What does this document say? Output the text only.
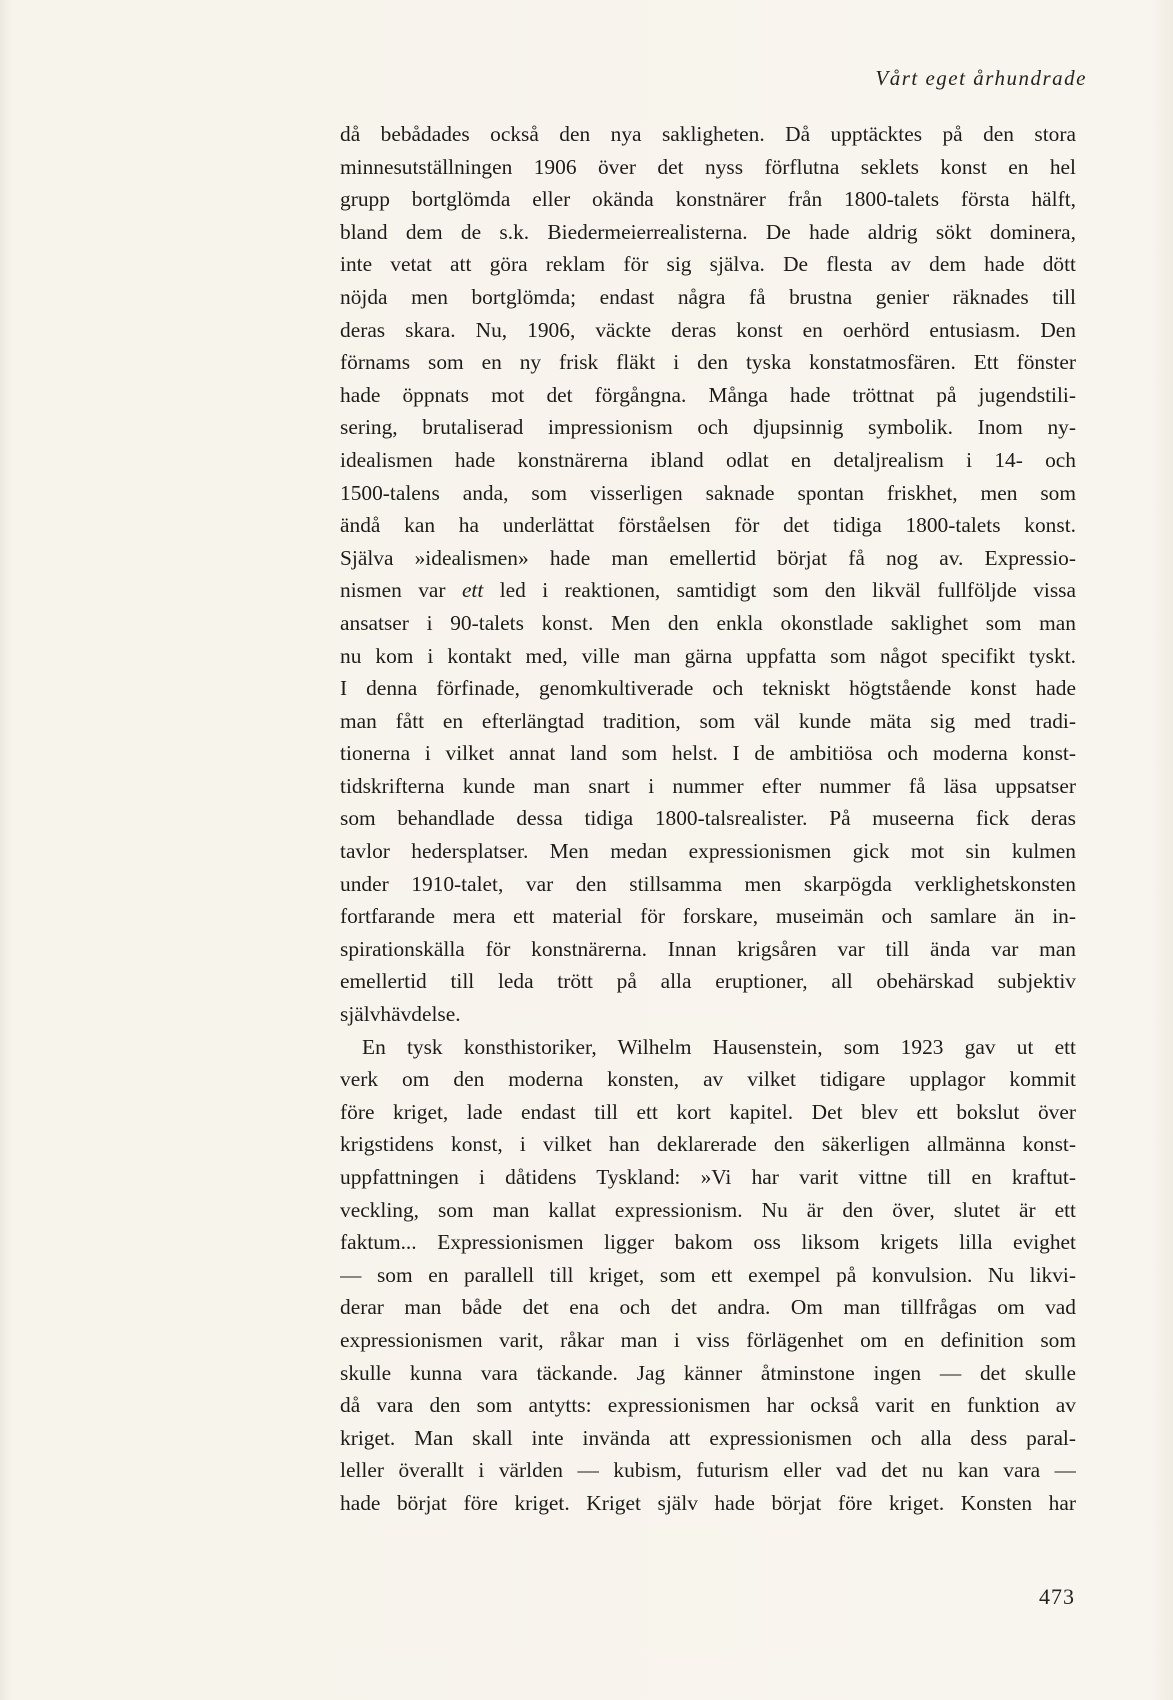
Vårt eget århundrade
då bebådades också den nya sakligheten. Då upptäcktes på den stora
minnesutställningen 1906 över det nyss förflutna seklets konst en hel
grupp bortglömda eller okända konstnärer från 1800-talets första hälft,
bland dem de s.k. Biedermeierrealisterna. De hade aldrig sökt dominera,
inte vetat att göra reklam för sig själva. De flesta av dem hade dött
nöjda men bortglömda; endast några få brustna genier räknades till
deras skara. Nu, 1906, väckte deras konst en oerhörd entusiasm. Den
förnams som en ny frisk fläkt i den tyska konstatmosfären. Ett fönster
hade öppnats mot det förgångna. Många hade tröttnat på jugendstili-
sering, brutaliserad impressionism och djupsinnig symbolik. Inom ny-
idealismen hade konstnärerna ibland odlat en detaljrealism i 14- och
1500-talens anda, som visserligen saknade spontan friskhet, men som
ändå kan ha underlättat förståelsen för det tidiga 1800-talets konst.
Själva »idealismen» hade man emellertid börjat få nog av. Expressio-
nismen var ett led i reaktionen, samtidigt som den likväl fullföljde vissa
ansatser i 90-talets konst. Men den enkla okonstlade saklighet som man
nu kom i kontakt med, ville man gärna uppfatta som något specifikt tyskt.
I denna förfinade, genomkultiverade och tekniskt högtstående konst hade
man fått en efterlängtad tradition, som väl kunde mäta sig med tradi-
tionerna i vilket annat land som helst. I de ambitiösa och moderna konst-
tidskrifterna kunde man snart i nummer efter nummer få läsa uppsatser
som behandlade dessa tidiga 1800-talsrealister. På museerna fick deras
tavlor hedersplatser. Men medan expressionismen gick mot sin kulmen
under 1910-talet, var den stillsamma men skarpögda verklighetskonsten
fortfarande mera ett material för forskare, museimän och samlare än in-
spirationskälla för konstnärerna. Innan krigsåren var till ända var man
emellertid till leda trött på alla eruptioner, all obehärskad subjektiv
självhävdelse.
En tysk konsthistoriker, Wilhelm Hausenstein, som 1923 gav ut ett
verk om den moderna konsten, av vilket tidigare upplagor kommit
före kriget, lade endast till ett kort kapitel. Det blev ett bokslut över
krigstidens konst, i vilket han deklarerade den säkerligen allmänna konst-
uppfattningen i dåtidens Tyskland: »Vi har varit vittne till en kraftut-
veckling, som man kallat expressionism. Nu är den över, slutet är ett
faktum... Expressionismen ligger bakom oss liksom krigets lilla evighet
— som en parallell till kriget, som ett exempel på konvulsion. Nu likvi-
derar man både det ena och det andra. Om man tillfrågas om vad
expressionismen varit, råkar man i viss förlägenhet om en definition som
skulle kunna vara täckande. Jag känner åtminstone ingen — det skulle
då vara den som antytts: expressionismen har också varit en funktion av
kriget. Man skall inte invända att expressionismen och alla dess paral-
leller överallt i världen — kubism, futurism eller vad det nu kan vara —
hade börjat före kriget. Kriget själv hade börjat före kriget. Konsten har
473
